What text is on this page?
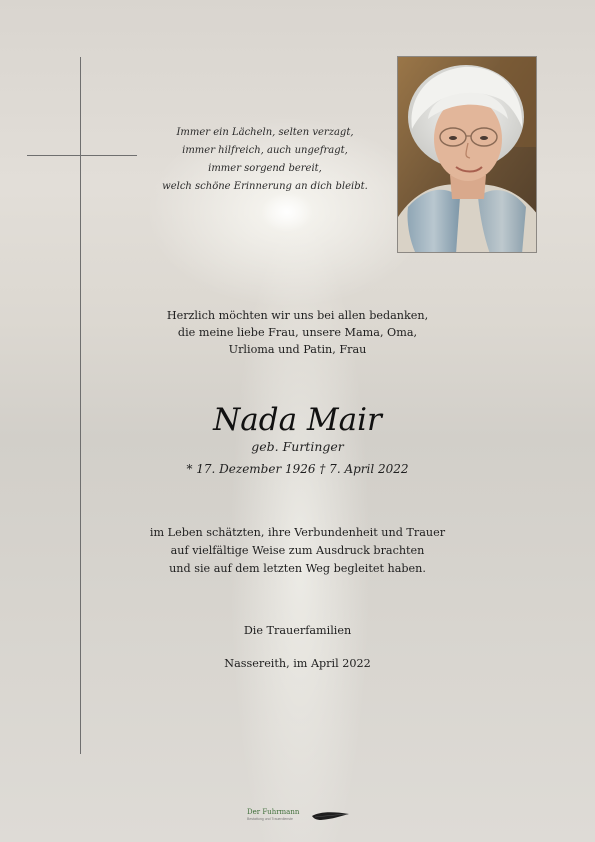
Immer ein Lächeln, selten verzagt,
immer hilfreich, auch ungefragt,
immer sorgend bereit,
welch schöne Erinnerung an dich bleibt.
Herzlich möchten wir uns bei allen bedanken,
die meine liebe Frau, unsere Mama, Oma,
Urlioma und Patin, Frau
Nada Mair
geb. Furtinger
* 17. Dezember 1926 † 7. April 2022
im Leben schätzten, ihre Verbundenheit und Trauer
auf vielfältige Weise zum Ausdruck brachten
und sie auf dem letzten Weg begleitet haben.
Die Trauerfamilien
Nassereith, im April 2022
Der Fuhrmann
Bestattung und Trauerdienste
